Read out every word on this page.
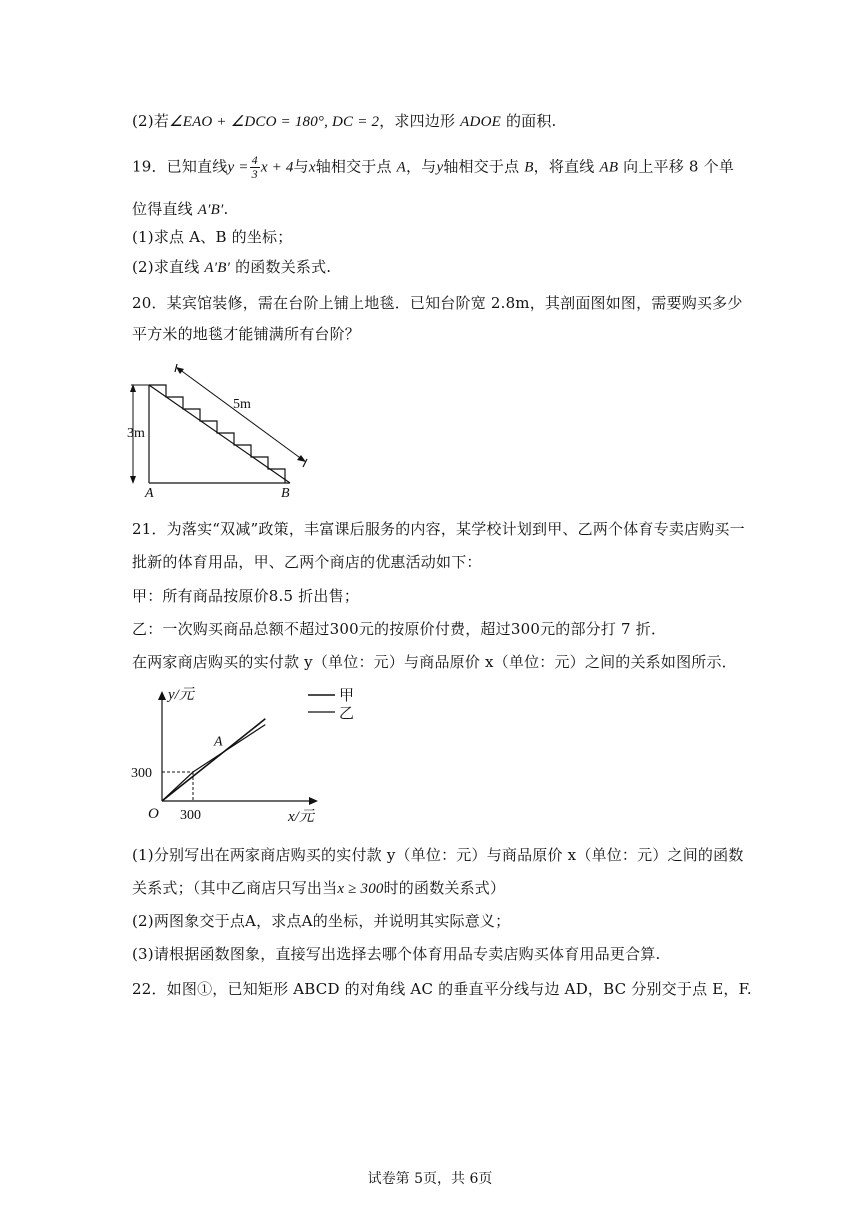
(2)若∠EAO + ∠DCO = 180°, DC = 2，求四边形 ADOE 的面积.
19．已知直线$y = \frac{4}{3}$ x + 4与x轴相交于点 A，与y轴相交于点 B，将直线 AB 向上平移 8 个单
位得直线 A′B′.
(1)求点 A、B 的坐标；
(2)求直线 A′B′ 的函数关系式.
20．某宾馆装修，需在台阶上铺上地毯．已知台阶宽 2.8m，其剖面图如图，需要购买多少
平方米的地毯才能铺满所有台阶？
3m
5m
A	B
21．为落实“双减”政策，丰富课后服务的内容，某学校计划到甲、乙两个体育专卖店购买一
批新的体育用品，甲、乙两个商店的优惠活动如下：
甲：所有商品按原价8.5 折出售；
乙：一次购买商品总额不超过300元的按原价付费，超过300元的部分打 7 折．
在两家商店购买的实付款 y（单位：元）与商品原价 x（单位：元）之间的关系如图所示．
y/元
x/元
O 300
300
A
甲
乙
(1)分别写出在两家商店购买的实付款 y（单位：元）与商品原价 x（单位：元）之间的函数
关系式；（其中乙商店只写出当x ≥ 300时的函数关系式）
(2)两图象交于点A，求点A的坐标，并说明其实际意义；
(3)请根据函数图象，直接写出选择去哪个体育用品专卖店购买体育用品更合算.
22．如图①，已知矩形 ABCD 的对角线 AC 的垂直平分线与边 AD，BC 分别交于点 E，F.
试卷第 5页，共 6页
